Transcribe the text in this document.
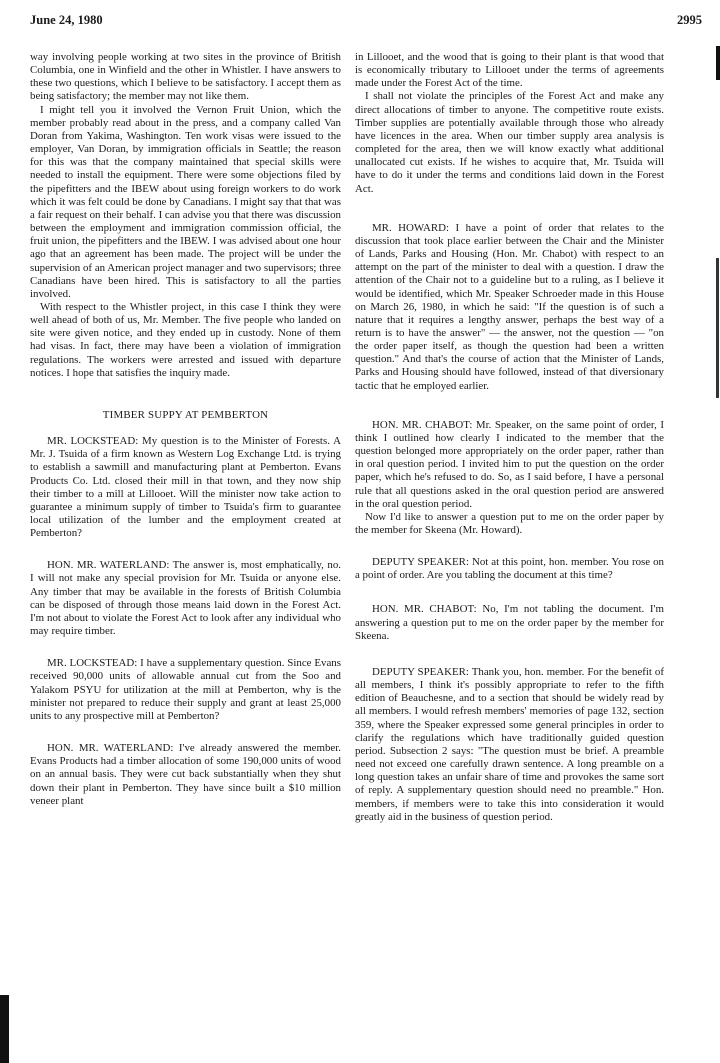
June 24, 1980	2995

way involving people working at two sites in the province of British Columbia, one in Winfield and the other in Whistler. I have answers to these two questions, which I believe to be satisfactory. I accept them as being satisfactory; the member may not like them.

I might tell you it involved the Vernon Fruit Union, which the member probably read about in the press, and a company called Van Doran from Yakima, Washington. Ten work visas were issued to the employer, Van Doran, by immigration officials in Seattle; the reason for this was that the company maintained that special skills were needed to install the equipment. There were some objections filed by the pipefitters and the IBEW about using foreign workers to do work which it was felt could be done by Canadians. I might say that that was a fair request on their behalf. I can advise you that there was discussion between the employment and immigration commission official, the fruit union, the pipefitters and the IBEW. I was advised about one hour ago that an agreement has been made. The project will be under the supervision of an American project manager and two supervisors; three Canadians have been hired. This is satisfactory to all the parties involved.

With respect to the Whistler project, in this case I think they were well ahead of both of us, Mr. Member. The five people who landed on site were given notice, and they ended up in custody. None of them had visas. In fact, there may have been a violation of immigration regulations. The workers were arrested and issued with departure notices. I hope that satisfies the inquiry made.

TIMBER SUPPY AT PEMBERTON

MR. LOCKSTEAD: My question is to the Minister of Forests. A Mr. J. Tsuida of a firm known as Western Log Exchange Ltd. is trying to establish a sawmill and manufacturing plant at Pemberton. Evans Products Co. Ltd. closed their mill in that town, and they now ship their timber to a mill at Lillooet. Will the minister now take action to guarantee a minimum supply of timber to Tsuida's firm to guarantee local utilization of the lumber and the employment created at Pemberton?

HON. MR. WATERLAND: The answer is, most emphatically, no. I will not make any special provision for Mr. Tsuida or anyone else. Any timber that may be available in the forests of British Columbia can be disposed of through those means laid down in the Forest Act. I'm not about to violate the Forest Act to look after any individual who may require timber.

MR. LOCKSTEAD: I have a supplementary question. Since Evans received 90,000 units of allowable annual cut from the Soo and Yalakom PSYU for utilization at the mill at Pemberton, why is the minister not prepared to reduce their supply and grant at least 25,000 units to any prospective mill at Pemberton?

HON. MR. WATERLAND: I've already answered the member. Evans Products had a timber allocation of some 190,000 units of wood on an annual basis. They were cut back substantially when they shut down their plant in Pemberton. They have since built a $10 million veneer plant

in Lillooet, and the wood that is going to their plant is that wood that is economically tributary to Lillooet under the terms of agreements made under the Forest Act of the time.

I shall not violate the principles of the Forest Act and make any direct allocations of timber to anyone. The competitive route exists. Timber supplies are potentially available through those who already have licences in the area. When our timber supply area analysis is completed for the area, then we will know exactly what additional unallocated cut exists. If he wishes to acquire that, Mr. Tsuida will have to do it under the terms and conditions laid down in the Forest Act.

MR. HOWARD: I have a point of order that relates to the discussion that took place earlier between the Chair and the Minister of Lands, Parks and Housing (Hon. Mr. Chabot) with respect to an attempt on the part of the minister to deal with a question. I draw the attention of the Chair not to a guideline but to a ruling, as I believe it would be identified, which Mr. Speaker Schroeder made in this House on March 26, 1980, in which he said: "If the question is of such a nature that it requires a lengthy answer, perhaps the best way of a return is to have the answer" — the answer, not the question — "on the order paper itself, as though the question had been a written question." And that's the course of action that the Minister of Lands, Parks and Housing should have followed, instead of that diversionary tactic that he employed earlier.

HON. MR. CHABOT: Mr. Speaker, on the same point of order, I think I outlined how clearly I indicated to the member that the question belonged more appropriately on the order paper, rather than in oral question period. I invited him to put the question on the order paper, which he's refused to do. So, as I said before, I have a personal rule that all questions asked in the oral question period are answered in the oral question period.

Now I'd like to answer a question put to me on the order paper by the member for Skeena (Mr. Howard).

DEPUTY SPEAKER: Not at this point, hon. member. You rose on a point of order. Are you tabling the document at this time?

HON. MR. CHABOT: No, I'm not tabling the document. I'm answering a question put to me on the order paper by the member for Skeena.

DEPUTY SPEAKER: Thank you, hon. member. For the benefit of all members, I think it's possibly appropriate to refer to the fifth edition of Beauchesne, and to a section that should be widely read by all members. I would refresh members' memories of page 132, section 359, where the Speaker expressed some general principles in order to clarify the regulations which have traditionally guided question period. Subsection 2 says: "The question must be brief. A preamble need not exceed one carefully drawn sentence. A long preamble on a long question takes an unfair share of time and provokes the same sort of reply. A supplementary question should need no preamble." Hon. members, if members were to take this into consideration it would greatly aid in the business of question period.
